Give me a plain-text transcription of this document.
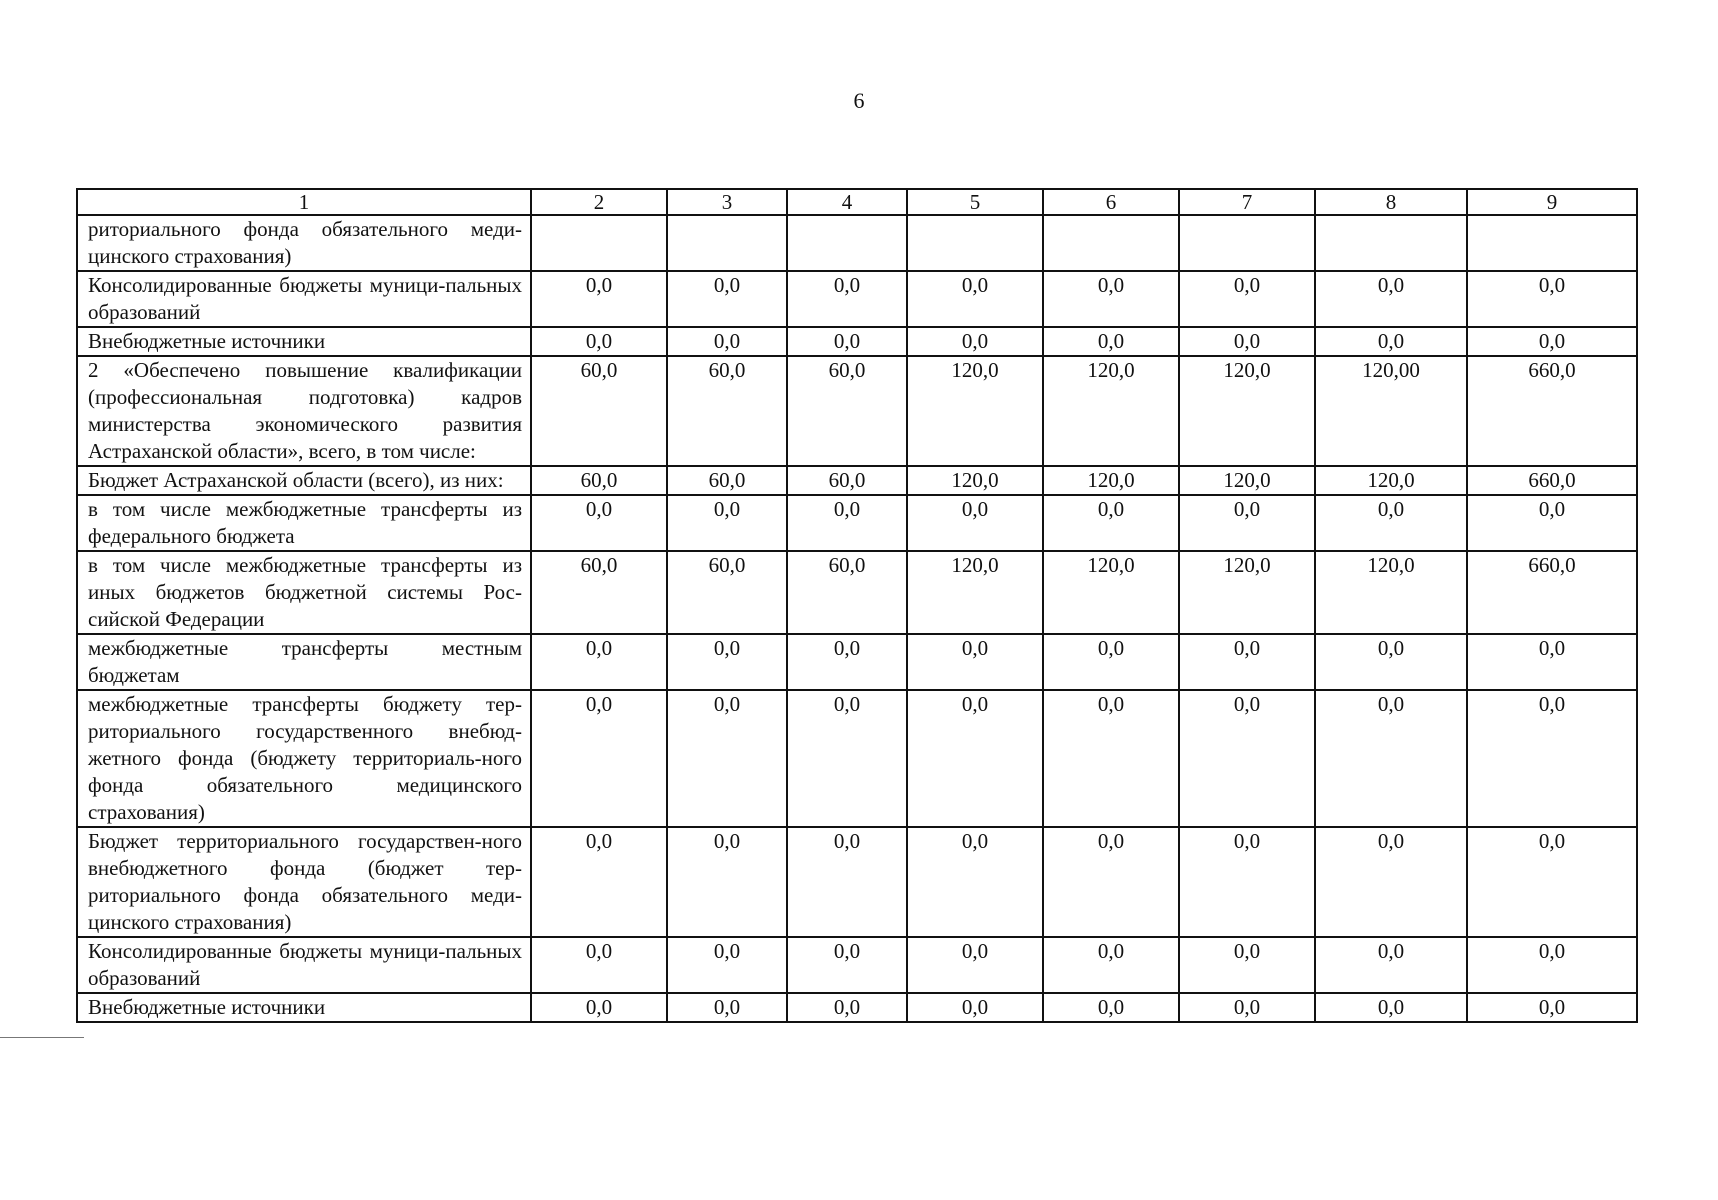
6
1	2	3	4	5	6	7	8	9
риториального фонда обязательного меди-цинского страхования)								
Консолидированные бюджеты муници-пальных образований	0,0	0,0	0,0	0,0	0,0	0,0	0,0	0,0
Внебюджетные источники	0,0	0,0	0,0	0,0	0,0	0,0	0,0	0,0
2 «Обеспечено повышение квалификации (профессиональная подготовка) кадров министерства экономического развития Астраханской области», всего, в том числе:	60,0	60,0	60,0	120,0	120,0	120,0	120,00	660,0
Бюджет Астраханской области (всего), из них:	60,0	60,0	60,0	120,0	120,0	120,0	120,0	660,0
в том числе межбюджетные трансферты из федерального бюджета	0,0	0,0	0,0	0,0	0,0	0,0	0,0	0,0
в том числе межбюджетные трансферты из иных бюджетов бюджетной системы Рос-сийской Федерации	60,0	60,0	60,0	120,0	120,0	120,0	120,0	660,0
межбюджетные трансферты местным бюджетам	0,0	0,0	0,0	0,0	0,0	0,0	0,0	0,0
межбюджетные трансферты бюджету тер-риториального государственного внебюд-жетного фонда (бюджету территориаль-ного фонда обязательного медицинского страхования)	0,0	0,0	0,0	0,0	0,0	0,0	0,0	0,0
Бюджет территориального государствен-ного внебюджетного фонда (бюджет тер-риториального фонда обязательного меди-цинского страхования)	0,0	0,0	0,0	0,0	0,0	0,0	0,0	0,0
Консолидированные бюджеты муници-пальных образований	0,0	0,0	0,0	0,0	0,0	0,0	0,0	0,0
Внебюджетные источники	0,0	0,0	0,0	0,0	0,0	0,0	0,0	0,0
